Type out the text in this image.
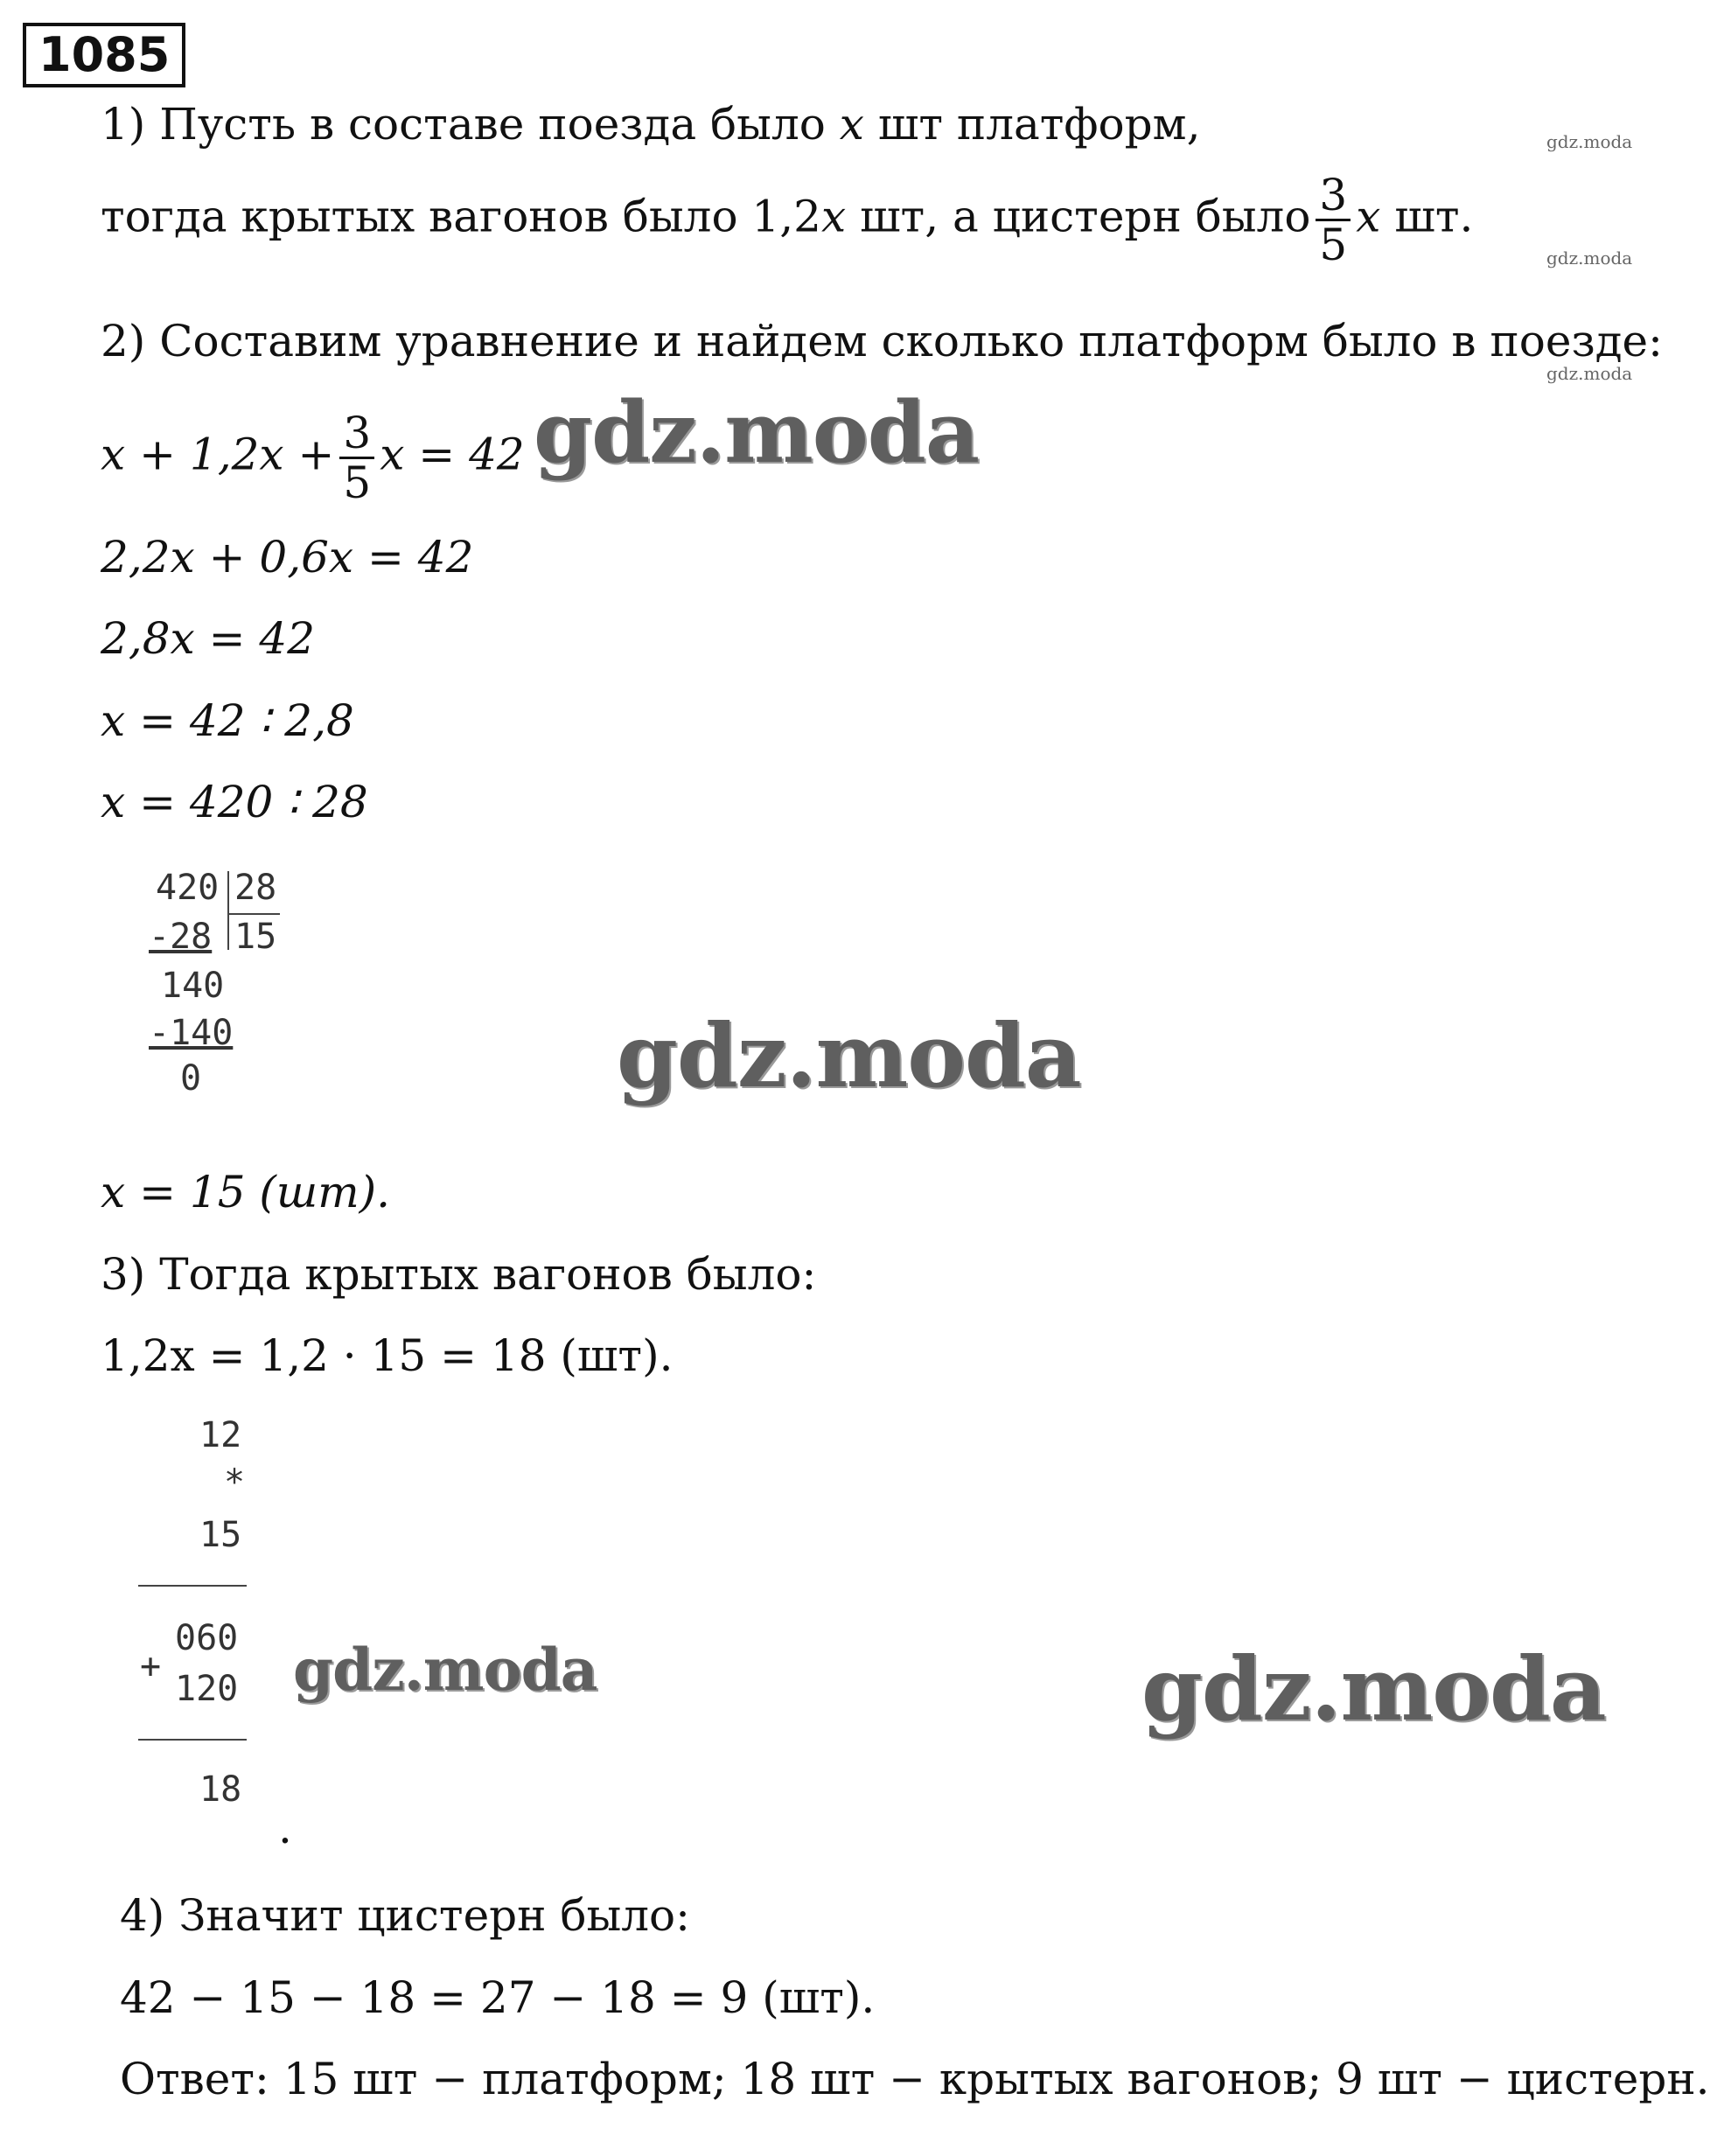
1085
gdz.moda
gdz.moda
gdz.moda
1) Пусть в составе поезда было x шт платформ,
тогда крытых вагонов было 1,2x шт, а цистерн было $\frac{3}{5}$ x шт.
2) Составим уравнение и найдем сколько платформ было в поезде:
$x + 1,2x + \frac{3}{5}$ x = 42 gdz.moda
2,2x + 0,6x = 42
2,8x = 42
x = 42 ∶ 2,8
x = 420 ∶ 28
420 28
-28 15
140
-140
0	gdz.moda
x = 15 (шт).
3) Тогда крытых вагонов было:
1,2x = 1,2 · 15 = 18 (шт).
12
*
15
060
+
120
18
.
gdz.moda	gdz.moda
4) Значит цистерн было:
42 − 15 − 18 = 27 − 18 = 9 (шт).
Ответ: 15 шт − платформ; 18 шт − крытых вагонов; 9 шт − цистерн.
